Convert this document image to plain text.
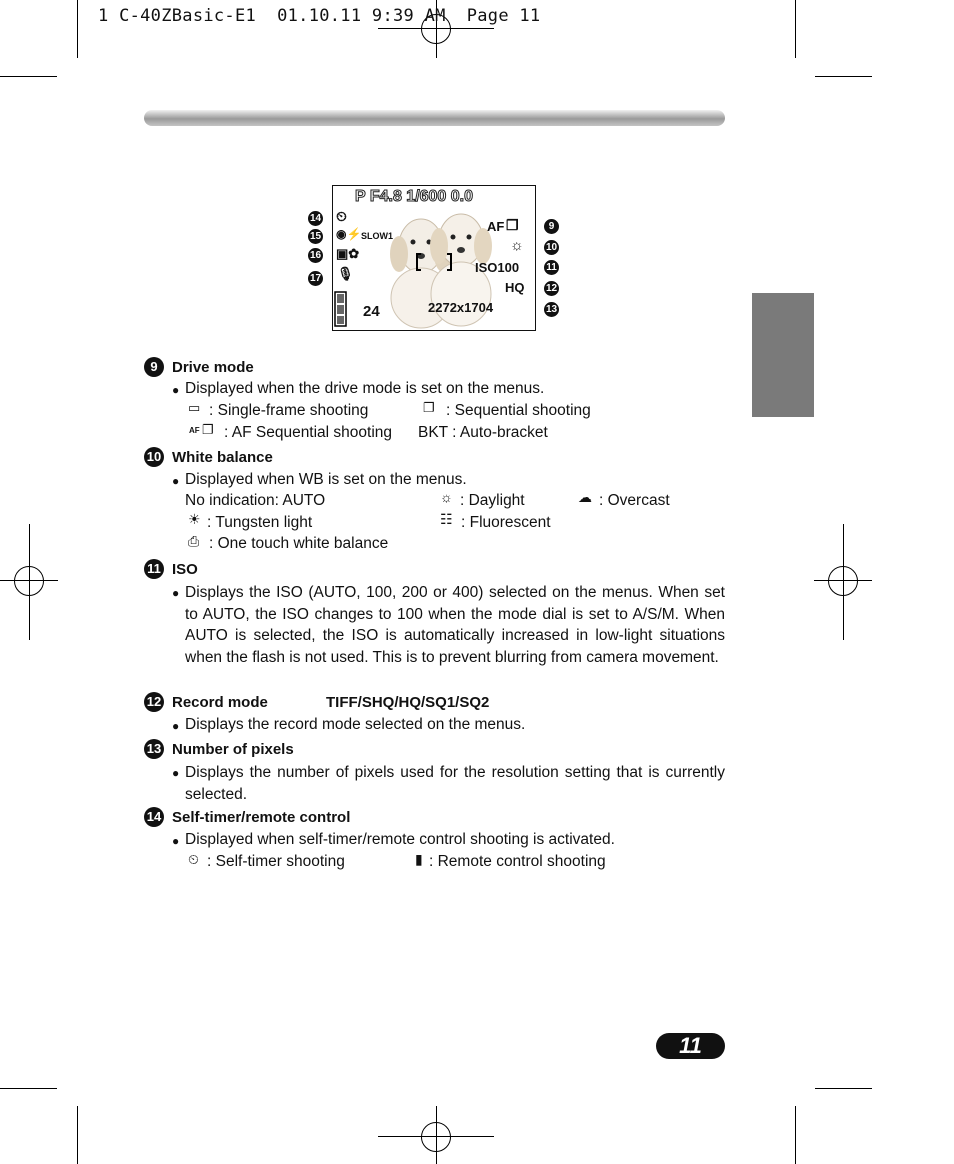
1 C-40ZBasic-E1  01.10.11 9:39 AM  Page 11
P F4.8 1/600 0.0
AF ❐
☼
ISO100
HQ
2272x1704
24
⏲
◉⚡ SLOW1
▣✿
🎙
14
15
16
17
9
10
11
12
13
9 Drive mode
● Displayed when the drive mode is set on the menus.
▭ : Single-frame shooting	❐ : Sequential shooting
AF ❐ : AF Sequential shooting BKT : Auto-bracket
10 White balance
● Displayed when WB is set on the menus.
No indication: AUTO	☼ : Daylight	☁ : Overcast
☀ : Tungsten light	☷ : Fluorescent
⎙ : One touch white balance
11 ISO
● Displays the ISO (AUTO, 100, 200 or 400) selected on the menus. When set to AUTO, the ISO changes to 100 when the mode dial is set to A/S/M. When AUTO is selected, the ISO is automatically increased in low-light situations when the flash is not used. This is to prevent blurring from camera movement.
12 Record mode	TIFF/SHQ/HQ/SQ1/SQ2
● Displays the record mode selected on the menus.
13 Number of pixels
● Displays the number of pixels used for the resolution setting that is currently selected.
14 Self-timer/remote control
● Displayed when self-timer/remote control shooting is activated.
⏲ : Self-timer shooting	▮ : Remote control shooting
11
